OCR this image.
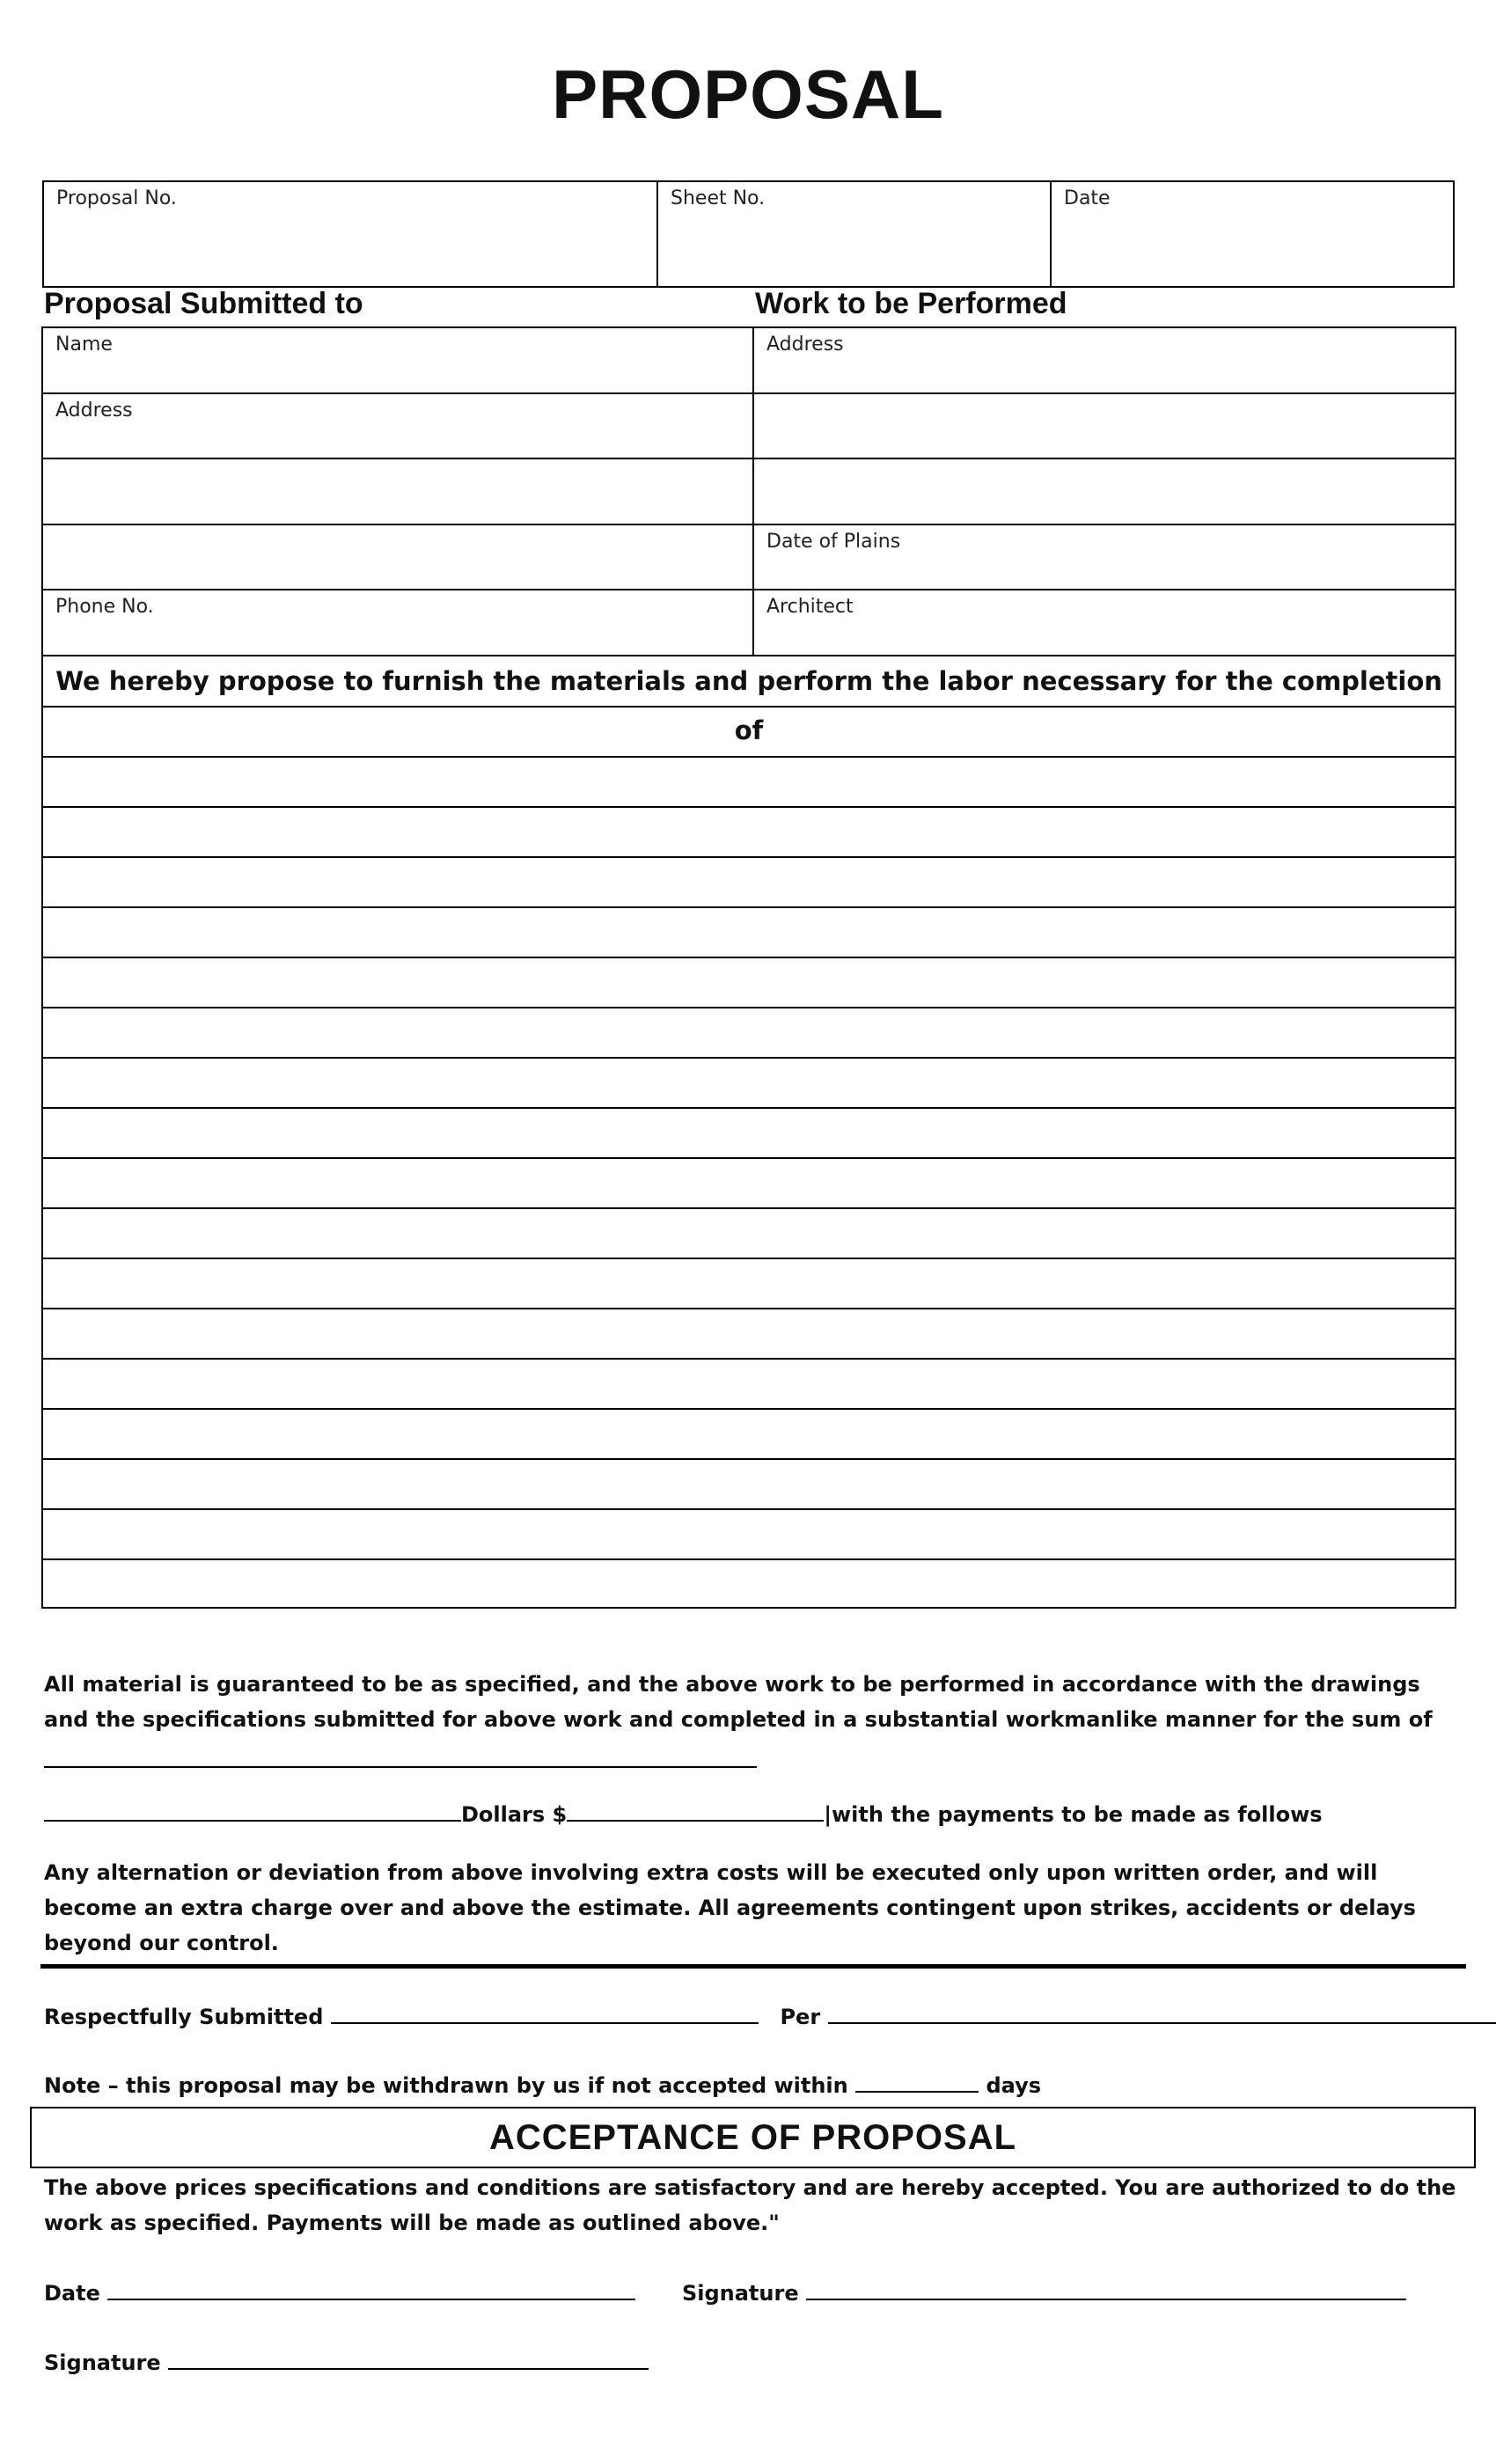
PROPOSAL
Proposal No.	Sheet No.	Date
Proposal Submitted to	Work to be Performed
Name	Address

Address	

	Date of Plains

Phone No.	Architect
We hereby propose to furnish the materials and perform the labor necessary for the completion of
All material is guaranteed to be as specified, and the above work to be performed in accordance with the drawings and the specifications submitted for above work and completed in a substantial workmanlike manner for the sum of
Dollars $	|with the payments to be made as follows
Any alternation or deviation from above involving extra costs will be executed only upon written order, and will become an extra charge over and above the estimate. All agreements contingent upon strikes, accidents or delays beyond our control.
Respectfully Submitted	Per
Note – this proposal may be withdrawn by us if not accepted within	days
ACCEPTANCE OF PROPOSAL
The above prices specifications and conditions are satisfactory and are hereby accepted. You are authorized to do the work as specified. Payments will be made as outlined above."
Date	Signature
Signature
